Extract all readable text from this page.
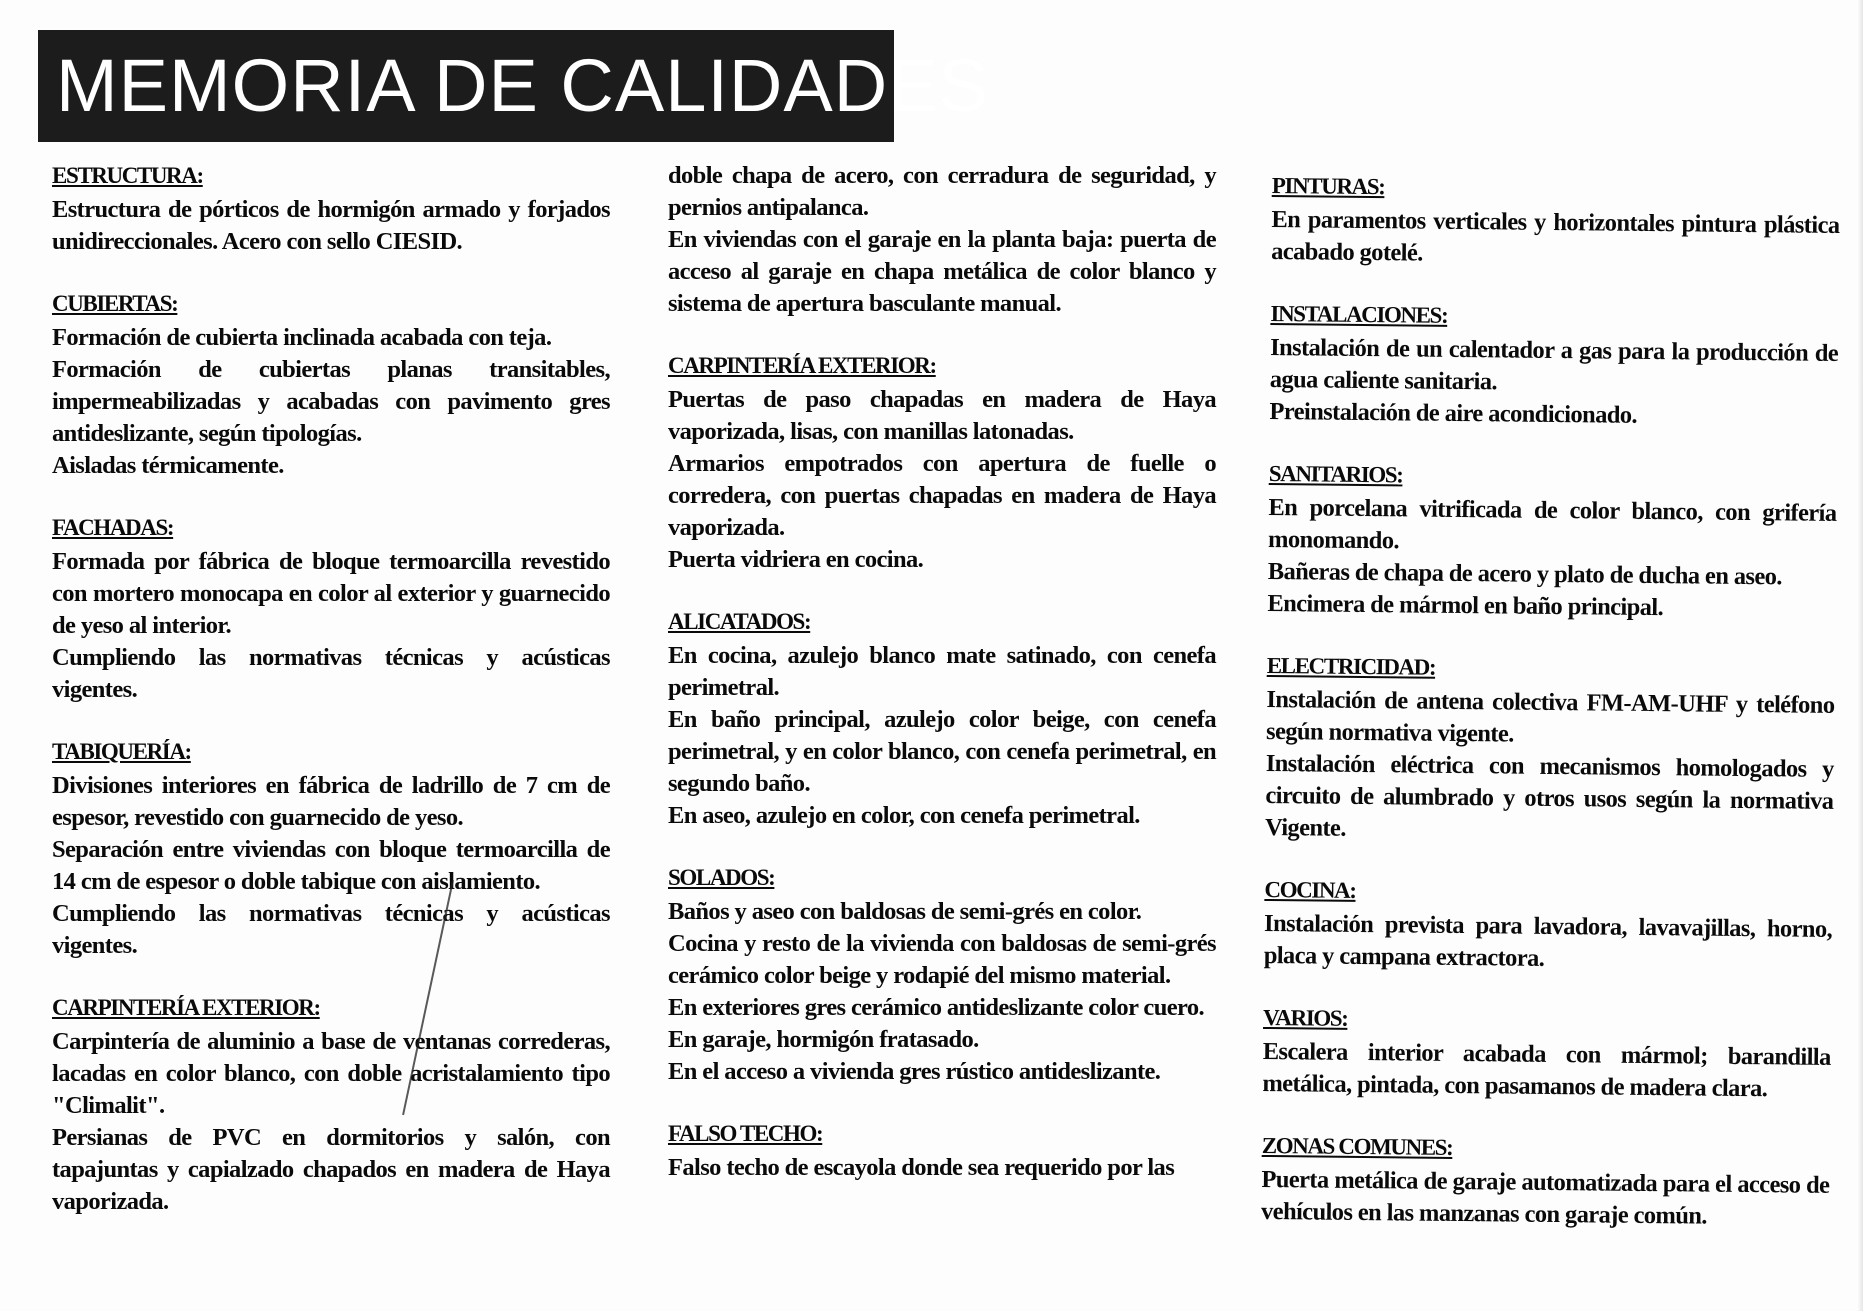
MEMORIA DE CALIDADES
ESTRUCTURA:
Estructura de pórticos de hormigón armado y forjados unidireccionales. Acero con sello CIESID.
CUBIERTAS:
Formación de cubierta inclinada acabada con teja.
Formación de cubiertas planas transitables, impermeabilizadas y acabadas con pavimento gres antideslizante, según tipologías.
Aisladas térmicamente.
FACHADAS:
Formada por fábrica de bloque termoarcilla revestido con mortero monocapa en color al exterior y guarnecido de yeso al interior.
Cumpliendo las normativas técnicas y acústicas vigentes.
TABIQUERÍA:
Divisiones interiores en fábrica de ladrillo de 7 cm de espesor, revestido con guarnecido de yeso.
Separación entre viviendas con bloque termoarcilla de 14 cm de espesor o doble tabique con aislamiento.
Cumpliendo las normativas técnicas y acústicas vigentes.
CARPINTERÍA EXTERIOR:
Carpintería de aluminio a base de ventanas correderas, lacadas en color blanco, con doble acristalamiento tipo "Climalit".
Persianas de PVC en dormitorios y salón, con tapajuntas y capialzado chapados en madera de Haya vaporizada.
doble chapa de acero, con cerradura de seguridad, y pernios antipalanca.
En viviendas con el garaje en la planta baja: puerta de acceso al garaje en chapa metálica de color blanco y sistema de apertura basculante manual.
CARPINTERÍA EXTERIOR:
Puertas de paso chapadas en madera de Haya vaporizada, lisas, con manillas latonadas.
Armarios empotrados con apertura de fuelle o corredera, con puertas chapadas en madera de Haya vaporizada.
Puerta vidriera en cocina.
ALICATADOS:
En cocina, azulejo blanco mate satinado, con cenefa perimetral.
En baño principal, azulejo color beige, con cenefa perimetral, y en color blanco, con cenefa perimetral, en segundo baño.
En aseo, azulejo en color, con cenefa perimetral.
SOLADOS:
Baños y aseo con baldosas de semi-grés en color.
Cocina y resto de la vivienda con baldosas de semi-grés cerámico color beige y rodapié del mismo material.
En exteriores gres cerámico antideslizante color cuero.
En garaje, hormigón fratasado.
En el acceso a vivienda gres rústico antideslizante.
FALSO TECHO:
Falso techo de escayola donde sea requerido por las
PINTURAS:
En paramentos verticales y horizontales pintura plástica acabado gotelé.
INSTALACIONES:
Instalación de un calentador a gas para la producción de agua caliente sanitaria.
Preinstalación de aire acondicionado.
SANITARIOS:
En porcelana vitrificada de color blanco, con grifería monomando.
Bañeras de chapa de acero y plato de ducha en aseo.
Encimera de mármol en baño principal.
ELECTRICIDAD:
Instalación de antena colectiva FM-AM-UHF y teléfono según normativa vigente.
Instalación eléctrica con mecanismos homologados y circuito de alumbrado y otros usos según la normativa Vigente.
COCINA:
Instalación prevista para lavadora, lavavajillas, horno, placa y campana extractora.
VARIOS:
Escalera interior acabada con mármol; barandilla metálica, pintada, con pasamanos de madera clara.
ZONAS COMUNES:
Puerta metálica de garaje automatizada para el acceso de vehículos en las manzanas con garaje común.
